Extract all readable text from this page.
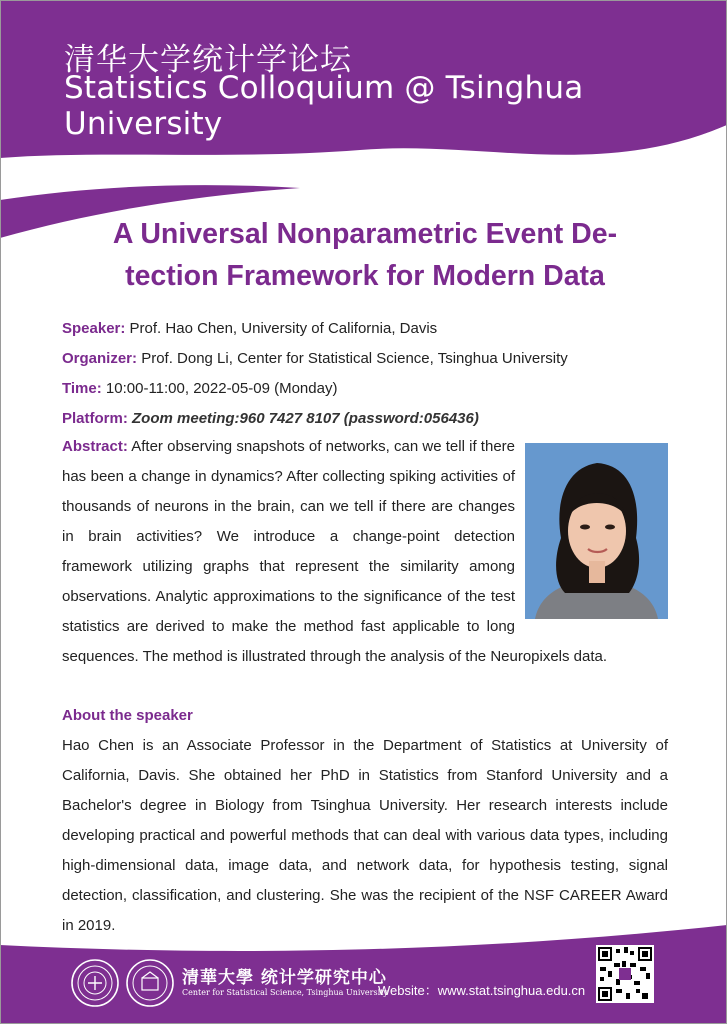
清华大学统计学论坛
Statistics Colloquium @ Tsinghua University
A Universal Nonparametric Event De-
tection Framework for Modern Data
Speaker: Prof. Hao Chen, University of California, Davis
Organizer: Prof. Dong Li, Center for Statistical Science, Tsinghua University
Time: 10:00-11:00, 2022-05-09 (Monday)
Platform: Zoom meeting:960 7427 8107 (password:056436)
Abstract: After observing snapshots of networks, can we tell if there has been a change in dynamics? After collecting spiking activities of thousands of neurons in the brain, can we tell if there are changes in brain activities? We introduce a change-point detection framework utilizing graphs that represent the similarity among observations. Analytic approximations to the significance of the test statistics are derived to make the method fast applicable to long sequences. The method is illustrated through the analysis of the Neuropixels data.
About the speaker
Hao Chen is an Associate Professor in the Department of Statistics at University of California, Davis. She obtained her PhD in Statistics from Stanford University and a Bachelor's degree in Biology from Tsinghua University. Her research interests include developing practical and powerful methods that can deal with various data types, including high-dimensional data, image data, and network data, for hypothesis testing, signal detection, classification, and clustering. She was the recipient of the NSF CAREER Award in 2019.
清華大學 统计学研究中心
Center for Statistical Science, Tsinghua University
Website：www.stat.tsinghua.edu.cn
